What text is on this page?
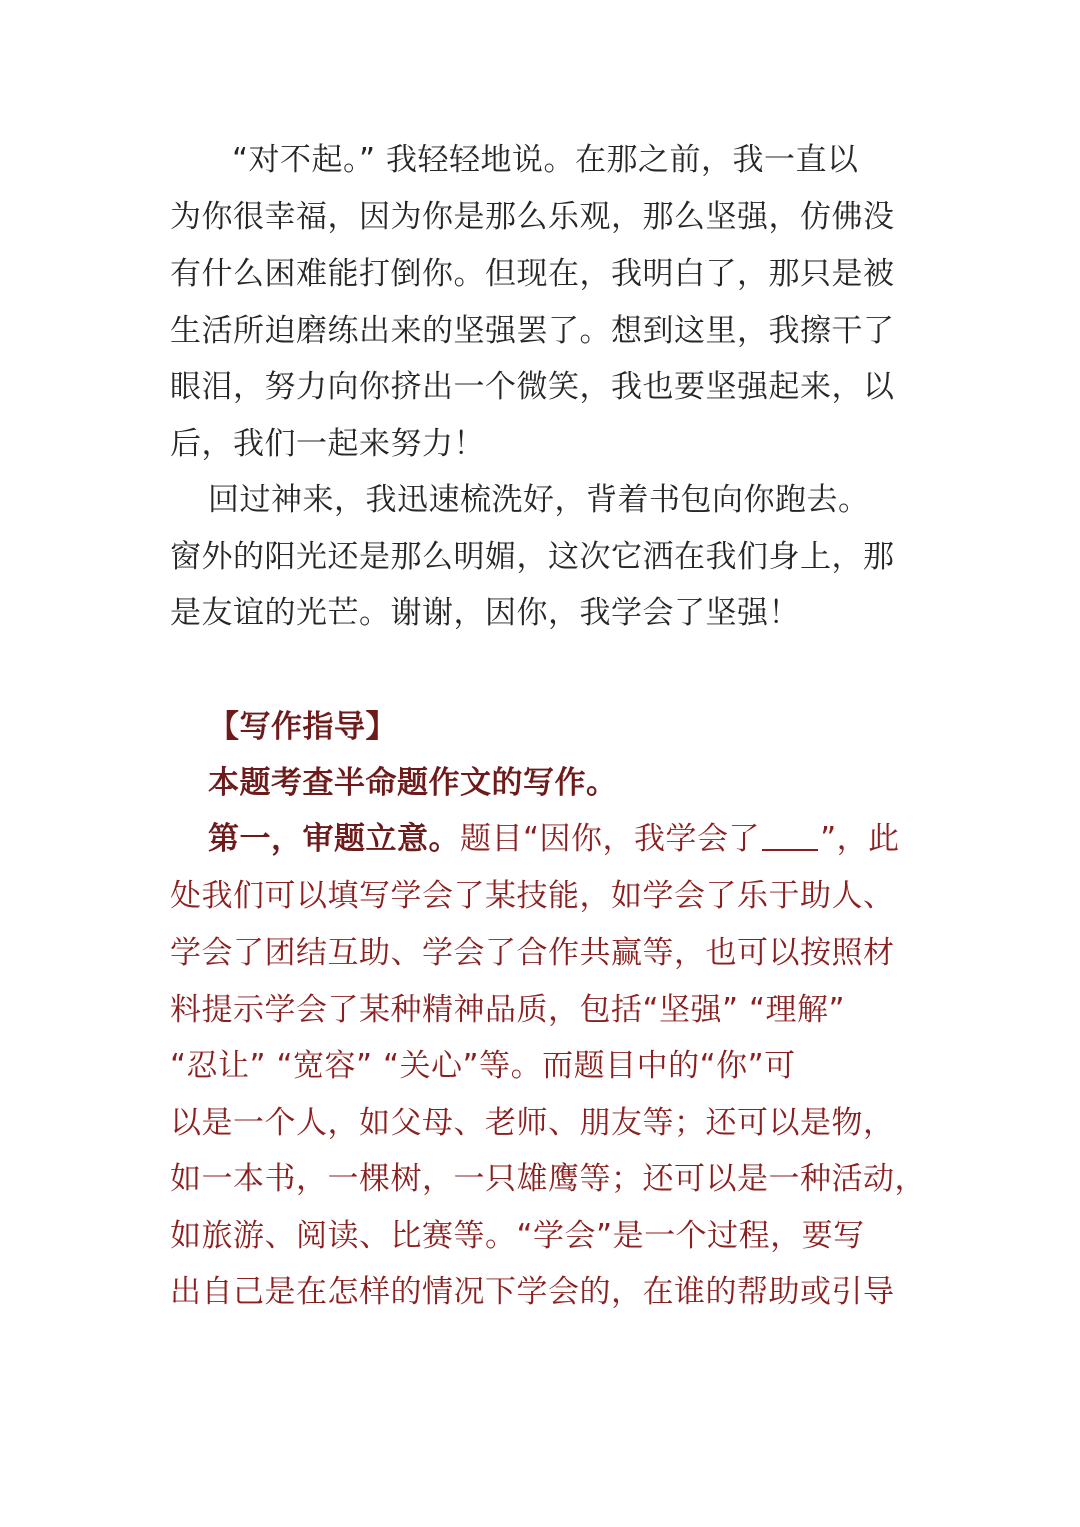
“对不起。” 我轻轻地说。在那之前，我一直以
为你很幸福，因为你是那么乐观，那么坚强，仿佛没
有什么困难能打倒你。但现在，我明白了，那只是被
生活所迫磨练出来的坚强罢了。想到这里，我擦干了
眼泪，努力向你挤出一个微笑，我也要坚强起来，以
后，我们一起来努力！
回过神来，我迅速梳洗好，背着书包向你跑去。
窗外的阳光还是那么明媚，这次它洒在我们身上，那
是友谊的光芒。谢谢，因你，我学会了坚强！
【写作指导】
本题考查半命题作文的写作。
第一，审题立意。题目“因你，我学会了 ”，此
处我们可以填写学会了某技能，如学会了乐于助人、
学会了团结互助、学会了合作共赢等，也可以按照材
料提示学会了某种精神品质，包括“坚强” “理解”
“忍让” “宽容” “关心”等。而题目中的“你”可
以是一个人，如父母、老师、朋友等；还可以是物，
如一本书，一棵树，一只雄鹰等；还可以是一种活动，
如旅游、阅读、比赛等。“学会”是一个过程，要写
出自己是在怎样的情况下学会的，在谁的帮助或引导
